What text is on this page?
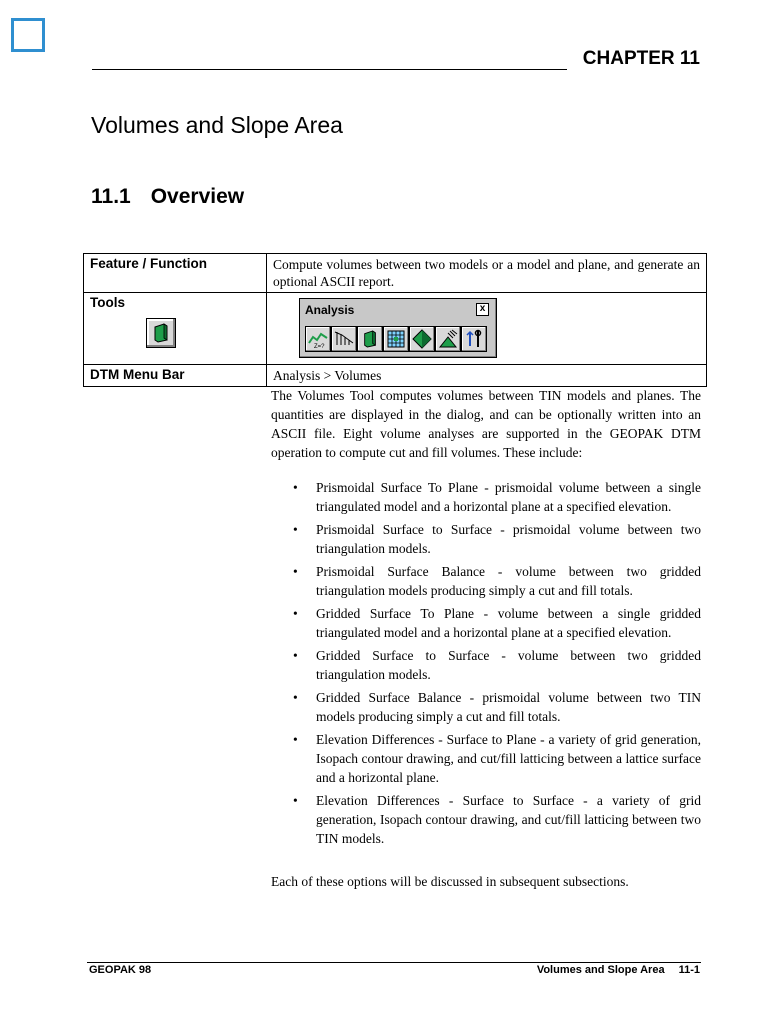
CHAPTER 11
Volumes and Slope Area
11.1 Overview
Feature / Function	Compute volumes between two models or a model and plane, and generate an optional ASCII report.

Tools	Analysis x
Z=?

DTM Menu Bar	Analysis > Volumes

The Volumes Tool computes volumes between TIN models and planes. The quantities are displayed in the dialog, and can be optionally written into an ASCII file. Eight volume analyses are supported in the GEOPAK DTM operation to compute cut and fill volumes. These include:

• Prismoidal Surface To Plane - prismoidal volume between a single triangulated model and a horizontal plane at a specified elevation.
• Prismoidal Surface to Surface - prismoidal volume between two triangulation models.
• Prismoidal Surface Balance - volume between two gridded triangulation models producing simply a cut and fill totals.
• Gridded Surface To Plane - volume between a single gridded triangulated model and a horizontal plane at a specified elevation.
• Gridded Surface to Surface - volume between two gridded triangulation models.
• Gridded Surface Balance - prismoidal volume between two TIN models producing simply a cut and fill totals.
• Elevation Differences - Surface to Plane - a variety of grid generation, Isopach contour drawing, and cut/fill latticing between a lattice surface and a horizontal plane.
• Elevation Differences - Surface to Surface - a variety of grid generation, Isopach contour drawing, and cut/fill latticing between two TIN models.

Each of these options will be discussed in subsequent subsections.

GEOPAK 98	Volumes and Slope Area 11-1
